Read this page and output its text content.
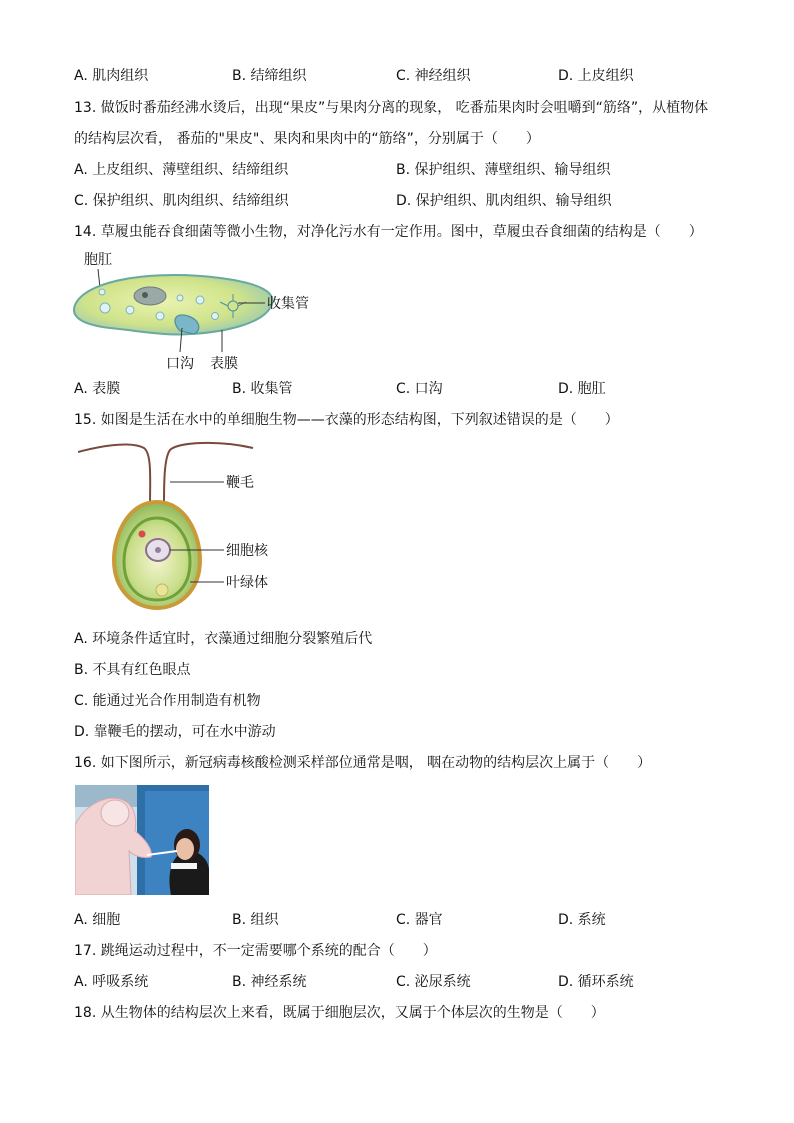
A. 肌肉组织	B. 结缔组织	C. 神经组织	D. 上皮组织
13. 做饭时番茄经沸水烫后，出现“果皮”与果肉分离的现象， 吃番茄果肉时会咀嚼到“筋络”，从植物体
的结构层次看， 番茄的"果皮"、果肉和果肉中的“筋络”，分别属于（　　）
A. 上皮组织、薄壁组织、结缔组织	B. 保护组织、薄壁组织、输导组织
C. 保护组织、肌肉组织、结缔组织	D. 保护组织、肌肉组织、输导组织
14. 草履虫能吞食细菌等微小生物，对净化污水有一定作用。图中，草履虫吞食细菌的结构是（　　）
胞肛
收集管
口沟 表膜
A. 表膜	B. 收集管	C. 口沟	D. 胞肛
15. 如图是生活在水中的单细胞生物——衣藻的形态结构图，下列叙述错误的是（　　）
鞭毛
细胞核
叶绿体
A. 环境条件适宜时，衣藻通过细胞分裂繁殖后代
B. 不具有红色眼点
C. 能通过光合作用制造有机物
D. 靠鞭毛的摆动，可在水中游动
16. 如下图所示，新冠病毒核酸检测采样部位通常是咽， 咽在动物的结构层次上属于（　　）
A. 细胞	B. 组织	C. 器官	D. 系统
17. 跳绳运动过程中，不一定需要哪个系统的配合（　　）
A. 呼吸系统	B. 神经系统	C. 泌尿系统	D. 循环系统
18. 从生物体的结构层次上来看，既属于细胞层次，又属于个体层次的生物是（　　）
